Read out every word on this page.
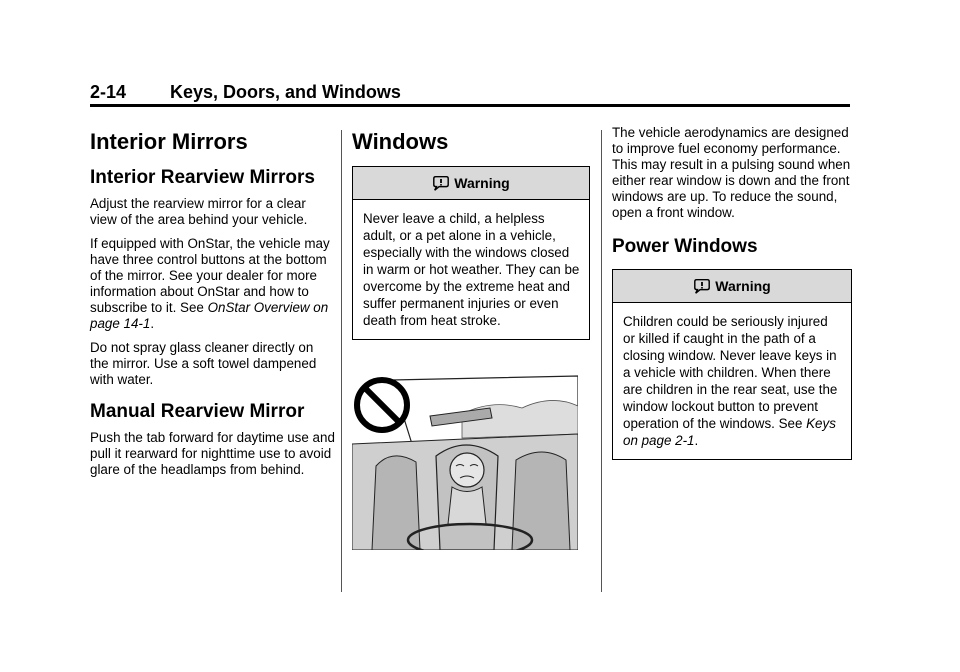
2-14 Keys, Doors, and Windows
Interior Mirrors
Interior Rearview Mirrors

Adjust the rearview mirror for a clear view of the area behind your vehicle.

If equipped with OnStar, the vehicle may have three control buttons at the bottom of the mirror. See your dealer for more information about OnStar and how to subscribe to it. See OnStar Overview on page 14-1.

Do not spray glass cleaner directly on the mirror. Use a soft towel dampened with water.

Manual Rearview Mirror

Push the tab forward for daytime use and pull it rearward for nighttime use to avoid glare of the headlamps from behind.

Windows
Warning
Never leave a child, a helpless adult, or a pet alone in a vehicle, especially with the windows closed in warm or hot weather. They can be overcome by the extreme heat and suffer permanent injuries or even death from heat stroke.

The vehicle aerodynamics are designed to improve fuel economy performance. This may result in a pulsing sound when either rear window is down and the front windows are up. To reduce the sound, open a front window.

Power Windows
Warning
Children could be seriously injured or killed if caught in the path of a closing window. Never leave keys in a vehicle with children. When there are children in the rear seat, use the window lockout button to prevent operation of the windows. See Keys on page 2-1.
